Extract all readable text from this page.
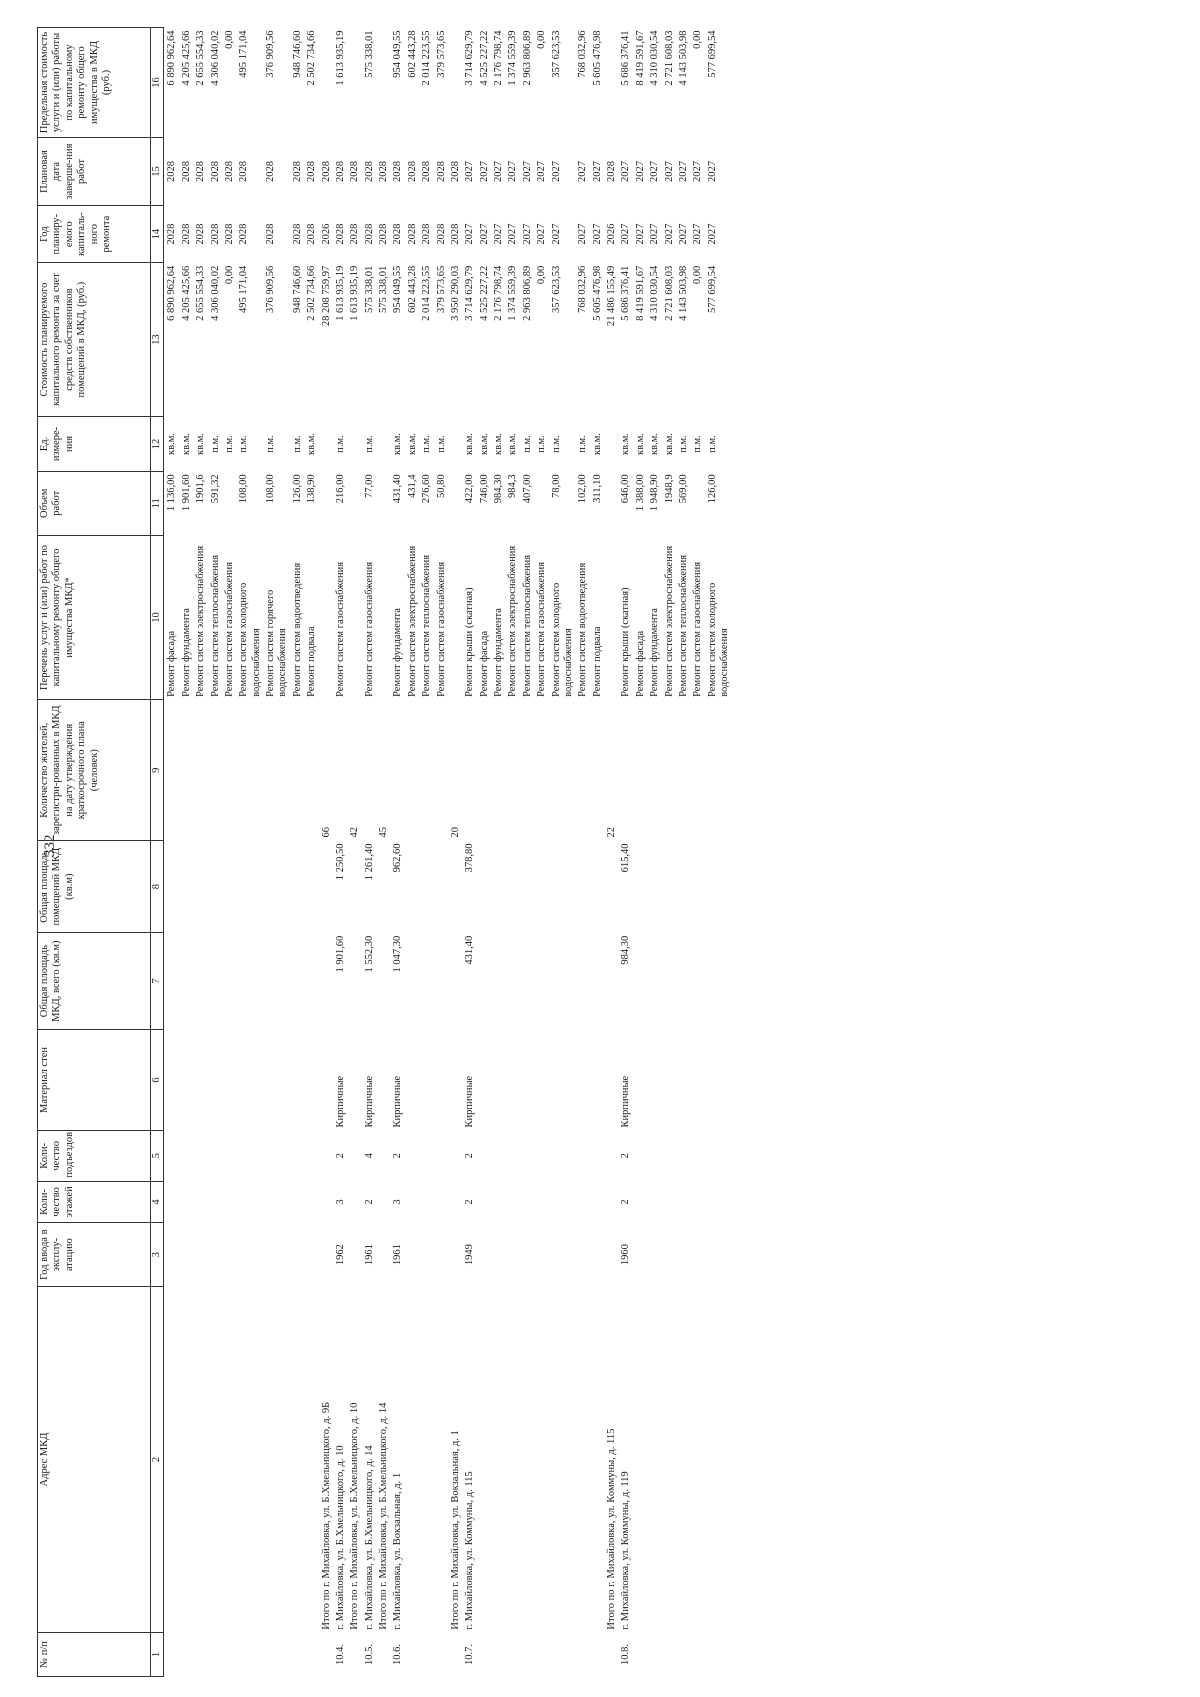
332
№ п/п	Адрес МКД	Год ввода в эксплу-атацию	Коли-чество этажей	Коли-чество подъездов	Материал стен	Общая площадь МКД, всего (кв.м)	Общая площадь помещений МКД (кв.м)	Количество жителей, зарегистри-рованных в МКД на дату утверждения краткосрочного плана (человек)	Перечень услуг и (или) работ по капитальному ремонту общего имущества МКД*	Объем работ	Ед. измере-ния	Стоимость планируемого капитального ремонта за счет средств собственников помещений в МКД, (руб.)	Год планиру-емого капиталь-ного ремонта	Плановая дата заверше-ния работ	Предельная стоимость услуги и (или) работы по капитальному ремонту общего имущества в МКД (руб.)
1	2	3	4	5	6	7	8	9	10	11	12	13	14	15	16
									Ремонт фасада	1 136,00	кв.м.	6 890 962,64	2028	2028	6 890 962,64
									Ремонт фундамента	1 901,60	кв.м.	4 205 425,66	2028	2028	4 205 425,66
									Ремонт систем электроснабжения	1901,6	кв.м.	2 655 554,33	2028	2028	2 655 554,33
									Ремонт систем теплоснабжения	591,32	п.м.	4 306 040,02	2028	2028	4 306 040,02
									Ремонт систем газоснабжения		п.м.	0,00	2028	2028	0,00
									Ремонт систем холодного водоснабжения	108,00	п.м.	495 171,04	2028	2028	495 171,04
									Ремонт систем горячего водоснабжения	108,00	п.м.	376 909,56	2028	2028	376 909,56
									Ремонт систем водоотведения	126,00	п.м.	948 746,60	2028	2028	948 746,60
									Ремонт подвала	138,90	кв.м.	2 502 734,66	2028	2028	2 502 734,66
	Итого по г. Михайловка, ул. Б.Хмельницкого, д. 9Б							66				28 208 759,97	2026	2028	
10.4.	г. Михайловка, ул. Б.Хмельницкого, д. 10	1962	3	2	Кирпичные	1 901,60	1 250,50		Ремонт систем газоснабжения	216,00	п.м.	1 613 935,19	2028	2028	1 613 935,19
	Итого по г. Михайловка, ул. Б.Хмельницкого, д. 10							42				1 613 935,19	2028	2028	
10.5.	г. Михайловка, ул. Б.Хмельницкого, д. 14	1961	2	4	Кирпичные	1 552,30	1 261,40		Ремонт систем газоснабжения	77,00	п.м.	575 338,01	2028	2028	575 338,01
	Итого по г. Михайловка, ул. Б.Хмельницкого, д. 14							45				575 338,01	2028	2028	
10.6.	г. Михайловка, ул. Вокзальная, д. 1	1961	3	2	Кирпичные	1 047,30	962,60		Ремонт фундамента	431,40	кв.м.	954 049,55	2028	2028	954 049,55
									Ремонт систем электроснабжения	431,4	кв.м.	602 443,28	2028	2028	602 443,28
									Ремонт систем теплоснабжения	276,60	п.м.	2 014 223,55	2028	2028	2 014 223,55
									Ремонт систем газоснабжения	50,80	п.м.	379 573,65	2028	2028	379 573,65
	Итого по г. Михайловка, ул. Вокзальная, д. 1							20				3 950 290,03	2028	2028	
10.7.	г. Михайловка, ул. Коммуны, д. 115	1949	2	2	Кирпичные	431,40	378,80		Ремонт крыши (скатная)	422,00	кв.м.	3 714 629,79	2027	2027	3 714 629,79
									Ремонт фасада	746,00	кв.м.	4 525 227,22	2027	2027	4 525 227,22
									Ремонт фундамента	984,30	кв.м.	2 176 798,74	2027	2027	2 176 798,74
									Ремонт систем электроснабжения	984,3	кв.м.	1 374 559,39	2027	2027	1 374 559,39
									Ремонт систем теплоснабжения	407,00	п.м.	2 963 806,89	2027	2027	2 963 806,89
									Ремонт систем газоснабжения		п.м.	0,00	2027	2027	0,00
									Ремонт систем холодного водоснабжения	78,00	п.м.	357 623,53	2027	2027	357 623,53
									Ремонт систем водоотведения	102,00	п.м.	768 032,96	2027	2027	768 032,96
									Ремонт подвала	311,10	кв.м.	5 605 476,98	2027	2027	5 605 476,98
	Итого по г. Михайловка, ул. Коммуны, д. 115							22				21 486 155,49	2026	2028	
10.8.	г. Михайловка, ул. Коммуны, д. 119	1960	2	2	Кирпичные	984,30	615,40		Ремонт крыши (скатная)	646,00	кв.м.	5 686 376,41	2027	2027	5 686 376,41
									Ремонт фасада	1 388,00	кв.м.	8 419 591,67	2027	2027	8 419 591,67
									Ремонт фундамента	1 948,90	кв.м.	4 310 030,54	2027	2027	4 310 030,54
									Ремонт систем электроснабжения	1948,9	кв.м.	2 721 608,03	2027	2027	2 721 608,03
									Ремонт систем теплоснабжения	569,00	п.м.	4 143 503,98	2027	2027	4 143 503,98
									Ремонт систем газоснабжения		п.м.	0,00	2027	2027	0,00
									Ремонт систем холодного водоснабжения	126,00	п.м.	577 699,54	2027	2027	577 699,54
